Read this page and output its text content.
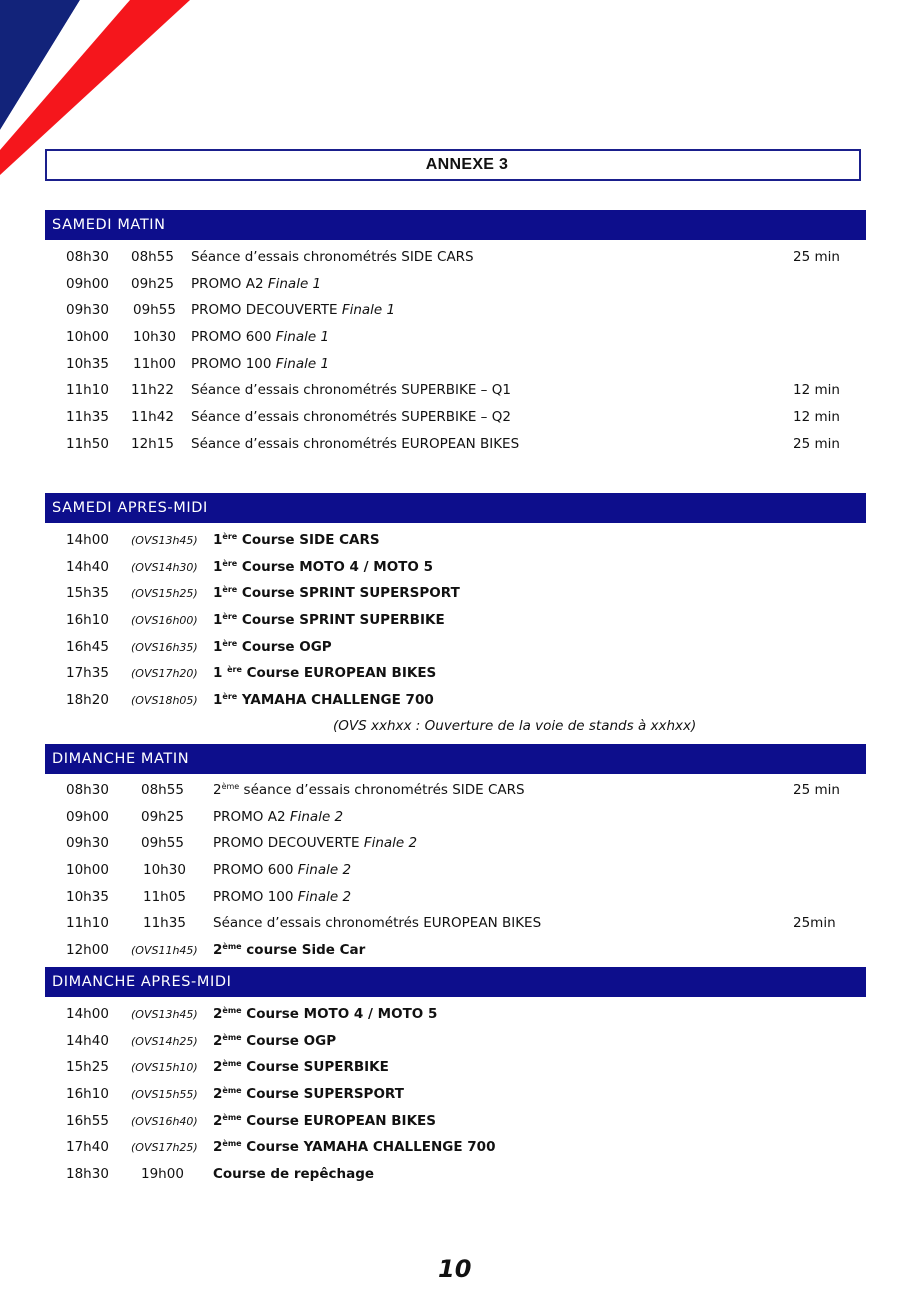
ANNEXE 3
SAMEDI MATIN
08h30 08h55 Séance d’essais chronométrés SIDE CARS	25 min
09h00 09h25 PROMO A2 Finale 1
09h30 09h55 PROMO DECOUVERTE Finale 1
10h00 10h30 PROMO 600 Finale 1
10h35 11h00 PROMO 100 Finale 1
11h10 11h22 Séance d’essais chronométrés SUPERBIKE – Q1	12 min
11h35 11h42 Séance d’essais chronométrés SUPERBIKE – Q2	12 min
11h50 12h15 Séance d’essais chronométrés EUROPEAN BIKES	25 min
SAMEDI APRES-MIDI
14h00 (OVS13h45) 1ère Course SIDE CARS
14h40 (OVS14h30) 1ère Course MOTO 4 / MOTO 5
15h35 (OVS15h25) 1ère Course SPRINT SUPERSPORT
16h10 (OVS16h00) 1ère Course SPRINT SUPERBIKE
16h45 (OVS16h35) 1ère Course OGP
17h35 (OVS17h20) 1 $^{ère}$ Course EUROPEAN BIKES
18h20 (OVS18h05) 1ère YAMAHA CHALLENGE 700
(OVS xxhxx : Ouverture de la voie de stands à xxhxx)
DIMANCHE MATIN
08h30 08h55 2ème séance d’essais chronométrés SIDE CARS	25 min
09h00 09h25 PROMO A2 Finale 2
09h30 09h55 PROMO DECOUVERTE Finale 2
10h00	10h30 PROMO 600 Finale 2
10h35	11h05 PROMO 100 Finale 2
11h10	11h35 Séance d’essais chronométrés EUROPEAN BIKES	25min
12h00 (OVS11h45) 2ème course Side Car
DIMANCHE APRES-MIDI
14h00 (OVS13h45) 2ème Course MOTO 4 / MOTO 5
14h40 (OVS14h25) 2ème Course OGP
15h25 (OVS15h10) 2ème Course SUPERBIKE
16h10 (OVS15h55) 2ème Course SUPERSPORT
16h55 (OVS16h40) 2ème Course EUROPEAN BIKES
17h40 (OVS17h25) 2ème Course YAMAHA CHALLENGE 700
18h30 19h00 Course de repêchage
10
